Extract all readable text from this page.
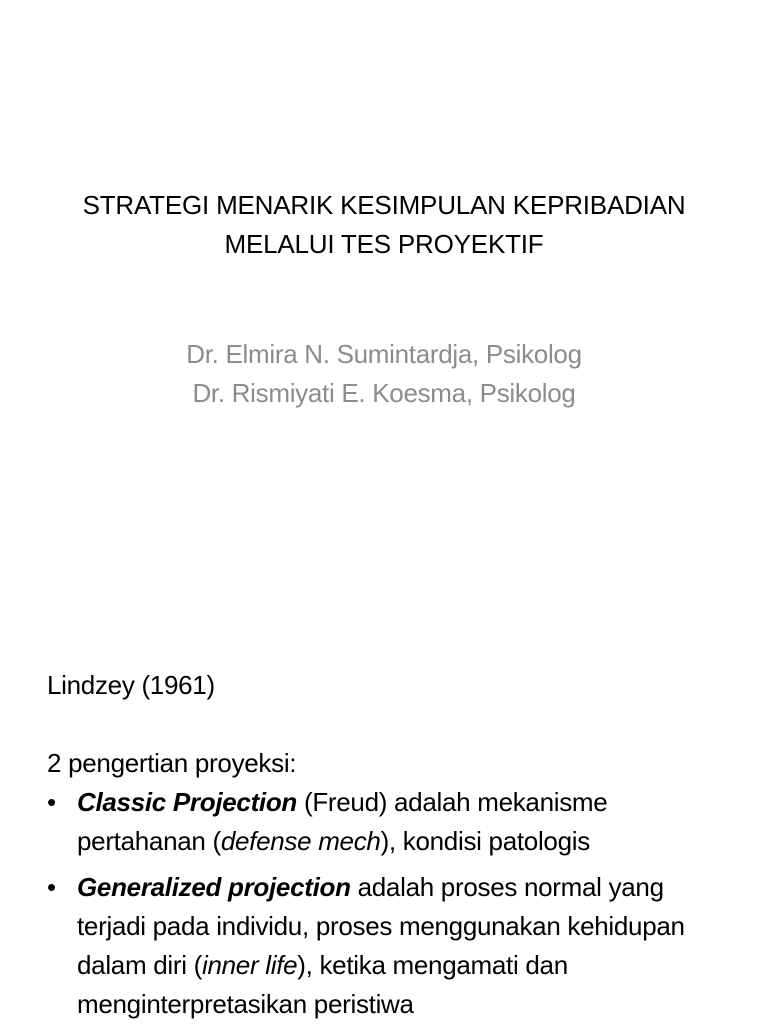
STRATEGI MENARIK KESIMPULAN KEPRIBADIAN
MELALUI TES PROYEKTIF
Dr. Elmira N. Sumintardja, Psikolog
Dr. Rismiyati E. Koesma, Psikolog

Lindzey (1961)

2 pengertian proyeksi:

• Classic Projection (Freud) adalah mekanisme pertahanan (defense mech), kondisi patologis
• Generalized projection adalah proses normal yang terjadi pada individu, proses menggunakan kehidupan dalam diri (inner life), ketika mengamati dan menginterpretasikan peristiwa
